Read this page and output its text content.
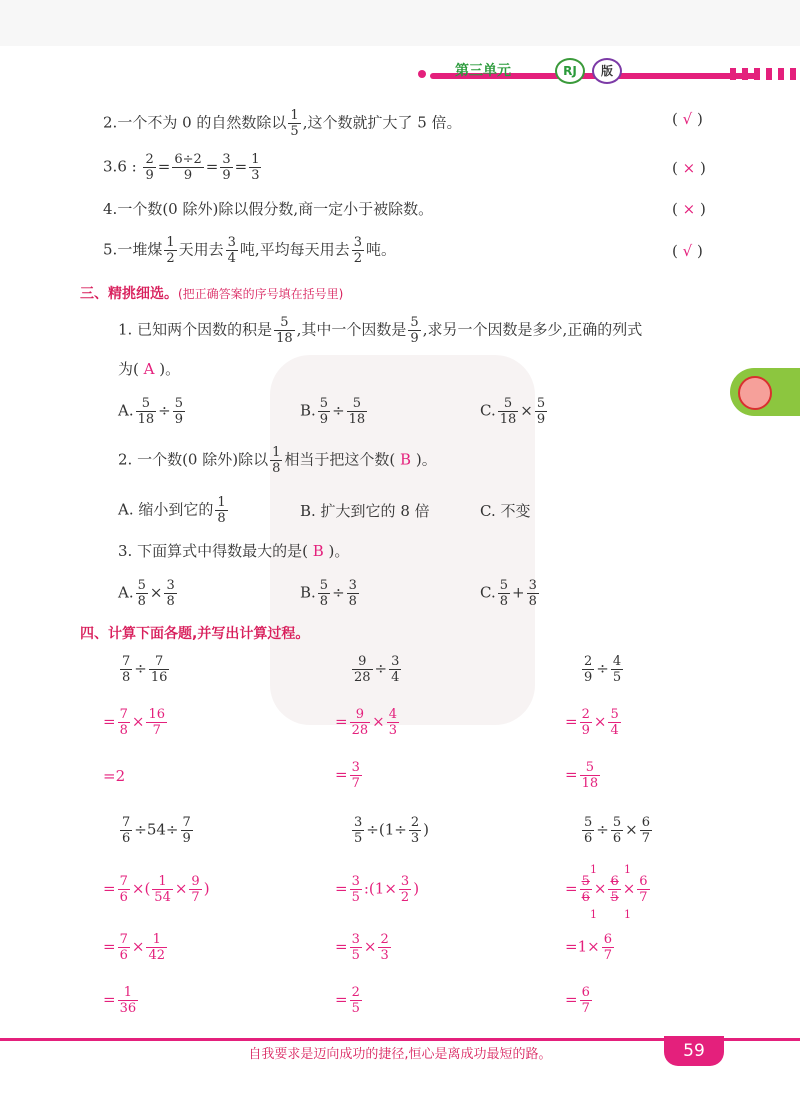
第三单元	RJ	版
2.一个不为 0 的自然数除以 $\frac{1}{5}$ ,这个数就扩大了 5 倍。	( √ )
3.6 : $\frac{2}{9} = \frac{6\div 2}{9} = \frac{3}{9} = \frac{1}{3}$	( × )
4.一个数(0 除外)除以假分数,商一定小于被除数。	( × )
5.一堆煤 $\frac{1}{2}$ 天用去 $\frac{3}{4}$ 吨,平均每天用去 $\frac{3}{2}$ 吨。	( √ )
三、精挑细选。(把正确答案的序号填在括号里)
1. 已知两个因数的积是 $\frac{5}{18}$ ,其中一个因数是 $\frac{5}{9}$ ,求另一个因数是多少,正确的列式
为( A )。
A. $\frac{5}{18} \div \frac{5}{9}$	B. $\frac{5}{9} \div \frac{5}{18}$	C. $\frac{5}{18} \times \frac{5}{9}$
2. 一个数(0 除外)除以 $\frac{1}{8}$ 相当于把这个数( B )。
A. 缩小到它的 $\frac{1}{8}$	B. 扩大到它的 8 倍	C. 不变
3. 下面算式中得数最大的是( B )。
A. $\frac{5}{8} \times \frac{3}{8}$	B. $\frac{5}{8} \div \frac{3}{8}$	C. $\frac{5}{8} + \frac{3}{8}$
四、计算下面各题,并写出计算过程。
$\frac{7}{8} \div \frac{7}{16}$
= $\frac{7}{8} \times \frac{16}{7}$
=2
$\frac{9}{28} \div \frac{3}{4}$
= $\frac{9}{28} \times \frac{4}{3}$
= $\frac{3}{7}$
$\frac{2}{9} \div \frac{4}{5}$
= $\frac{2}{9} \times \frac{5}{4}$
= $\frac{5}{18}$
$\frac{7}{6} \div 54\div \frac{7}{9}$
= $\frac{7}{6}$ ×( $\frac{1}{54} \times \frac{9}{7}$ )
= $\frac{7}{6} \times \frac{1}{42}$
= $\frac{1}{36}$
$\frac{3}{5} \div(1\div \frac{2}{3}$ )
= $\frac{3}{5}$ :(1× $\frac{3}{2}$ )
= $\frac{3}{5} \times \frac{2}{3}$
= $\frac{2}{5}$
$\frac{5}{6} \div \frac{5}{6} \times \frac{6}{7}$
= $\frac{5}{6} \times \frac{6}{5} \times \frac{6}{7}$
1 1
1 1
$=1\times \frac{6}{7}$
= $\frac{6}{7}$
自我要求是迈向成功的捷径,恒心是离成功最短的路。	59
